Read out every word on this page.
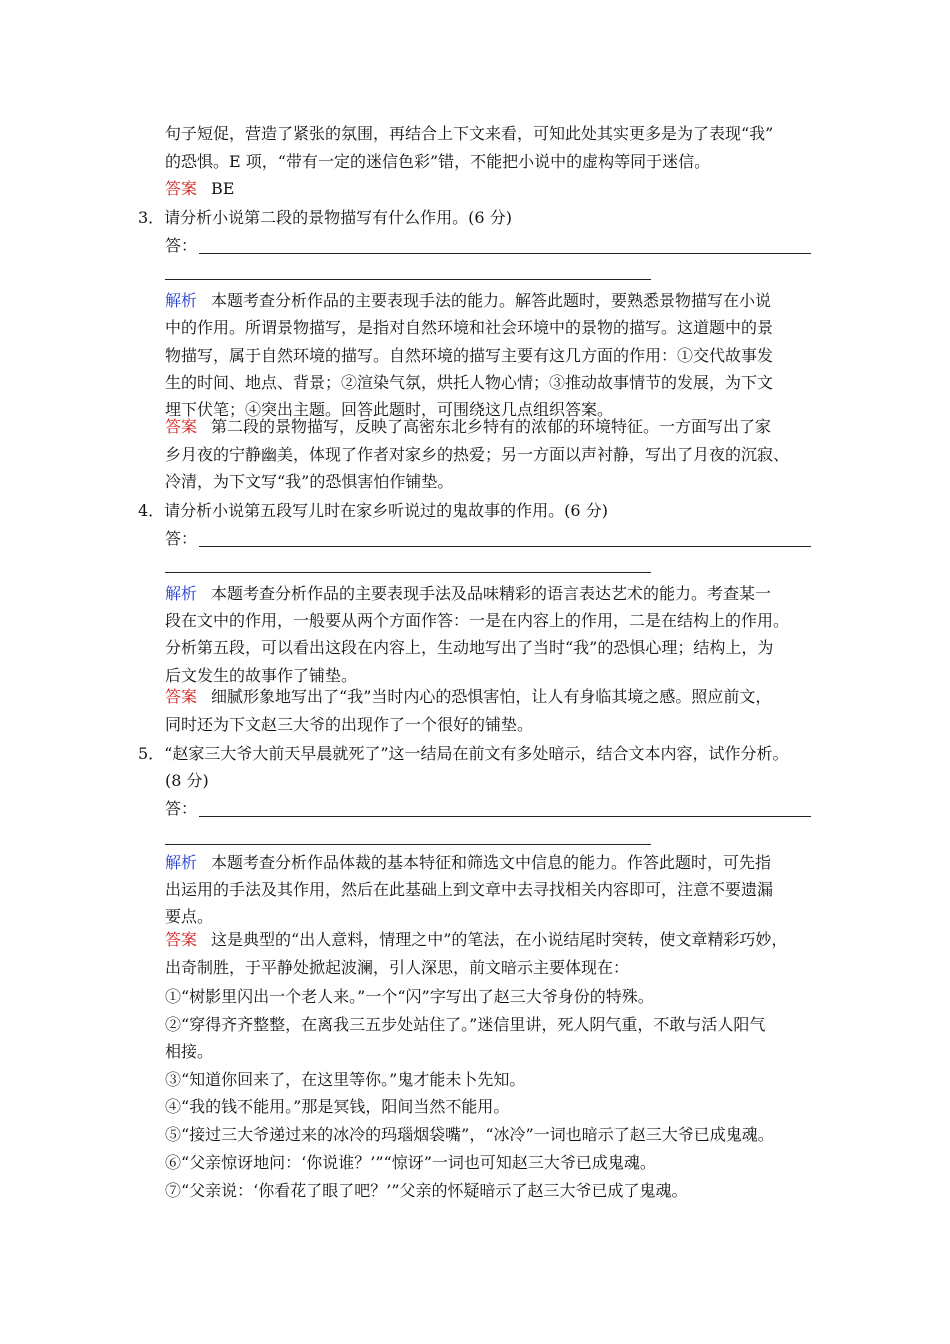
句子短促，营造了紧张的氛围，再结合上下文来看，可知此处其实更多是为了表现“我”
的恐惧。E 项，“带有一定的迷信色彩”错，不能把小说中的虚构等同于迷信。
答案 BE
3．请分析小说第二段的景物描写有什么作用。(6 分)
答：
解析 本题考查分析作品的主要表现手法的能力。解答此题时，要熟悉景物描写在小说
中的作用。所谓景物描写，是指对自然环境和社会环境中的景物的描写。这道题中的景
物描写，属于自然环境的描写。自然环境的描写主要有这几方面的作用：①交代故事发
生的时间、地点、背景；②渲染气氛，烘托人物心情；③推动故事情节的发展，为下文
埋下伏笔；④突出主题。回答此题时，可围绕这几点组织答案。
答案 第二段的景物描写，反映了高密东北乡特有的浓郁的环境特征。一方面写出了家
乡月夜的宁静幽美，体现了作者对家乡的热爱；另一方面以声衬静，写出了月夜的沉寂、
冷清，为下文写“我”的恐惧害怕作铺垫。
4．请分析小说第五段写儿时在家乡听说过的鬼故事的作用。(6 分)
答：
解析 本题考查分析作品的主要表现手法及品味精彩的语言表达艺术的能力。考查某一
段在文中的作用，一般要从两个方面作答：一是在内容上的作用，二是在结构上的作用。
分析第五段，可以看出这段在内容上，生动地写出了当时“我”的恐惧心理；结构上，为
后文发生的故事作了铺垫。
答案 细腻形象地写出了“我”当时内心的恐惧害怕，让人有身临其境之感。照应前文，
同时还为下文赵三大爷的出现作了一个很好的铺垫。
5．“赵家三大爷大前天早晨就死了”这一结局在前文有多处暗示，结合文本内容，试作分析。
(8 分)
答：
解析 本题考查分析作品体裁的基本特征和筛选文中信息的能力。作答此题时，可先指
出运用的手法及其作用，然后在此基础上到文章中去寻找相关内容即可，注意不要遗漏
要点。
答案 这是典型的“出人意料，情理之中”的笔法，在小说结尾时突转，使文章精彩巧妙，
出奇制胜，于平静处掀起波澜，引人深思，前文暗示主要体现在：
①“树影里闪出一个老人来。”一个“闪”字写出了赵三大爷身份的特殊。
②“穿得齐齐整整，在离我三五步处站住了。”迷信里讲，死人阴气重，不敢与活人阳气
相接。
③“知道你回来了，在这里等你。”鬼才能未卜先知。
④“我的钱不能用。”那是冥钱，阳间当然不能用。
⑤“接过三大爷递过来的冰冷的玛瑙烟袋嘴”，“冰冷”一词也暗示了赵三大爷已成鬼魂。
⑥“父亲惊讶地问：‘你说谁？’”“惊讶”一词也可知赵三大爷已成鬼魂。
⑦“父亲说：‘你看花了眼了吧？’”父亲的怀疑暗示了赵三大爷已成了鬼魂。
